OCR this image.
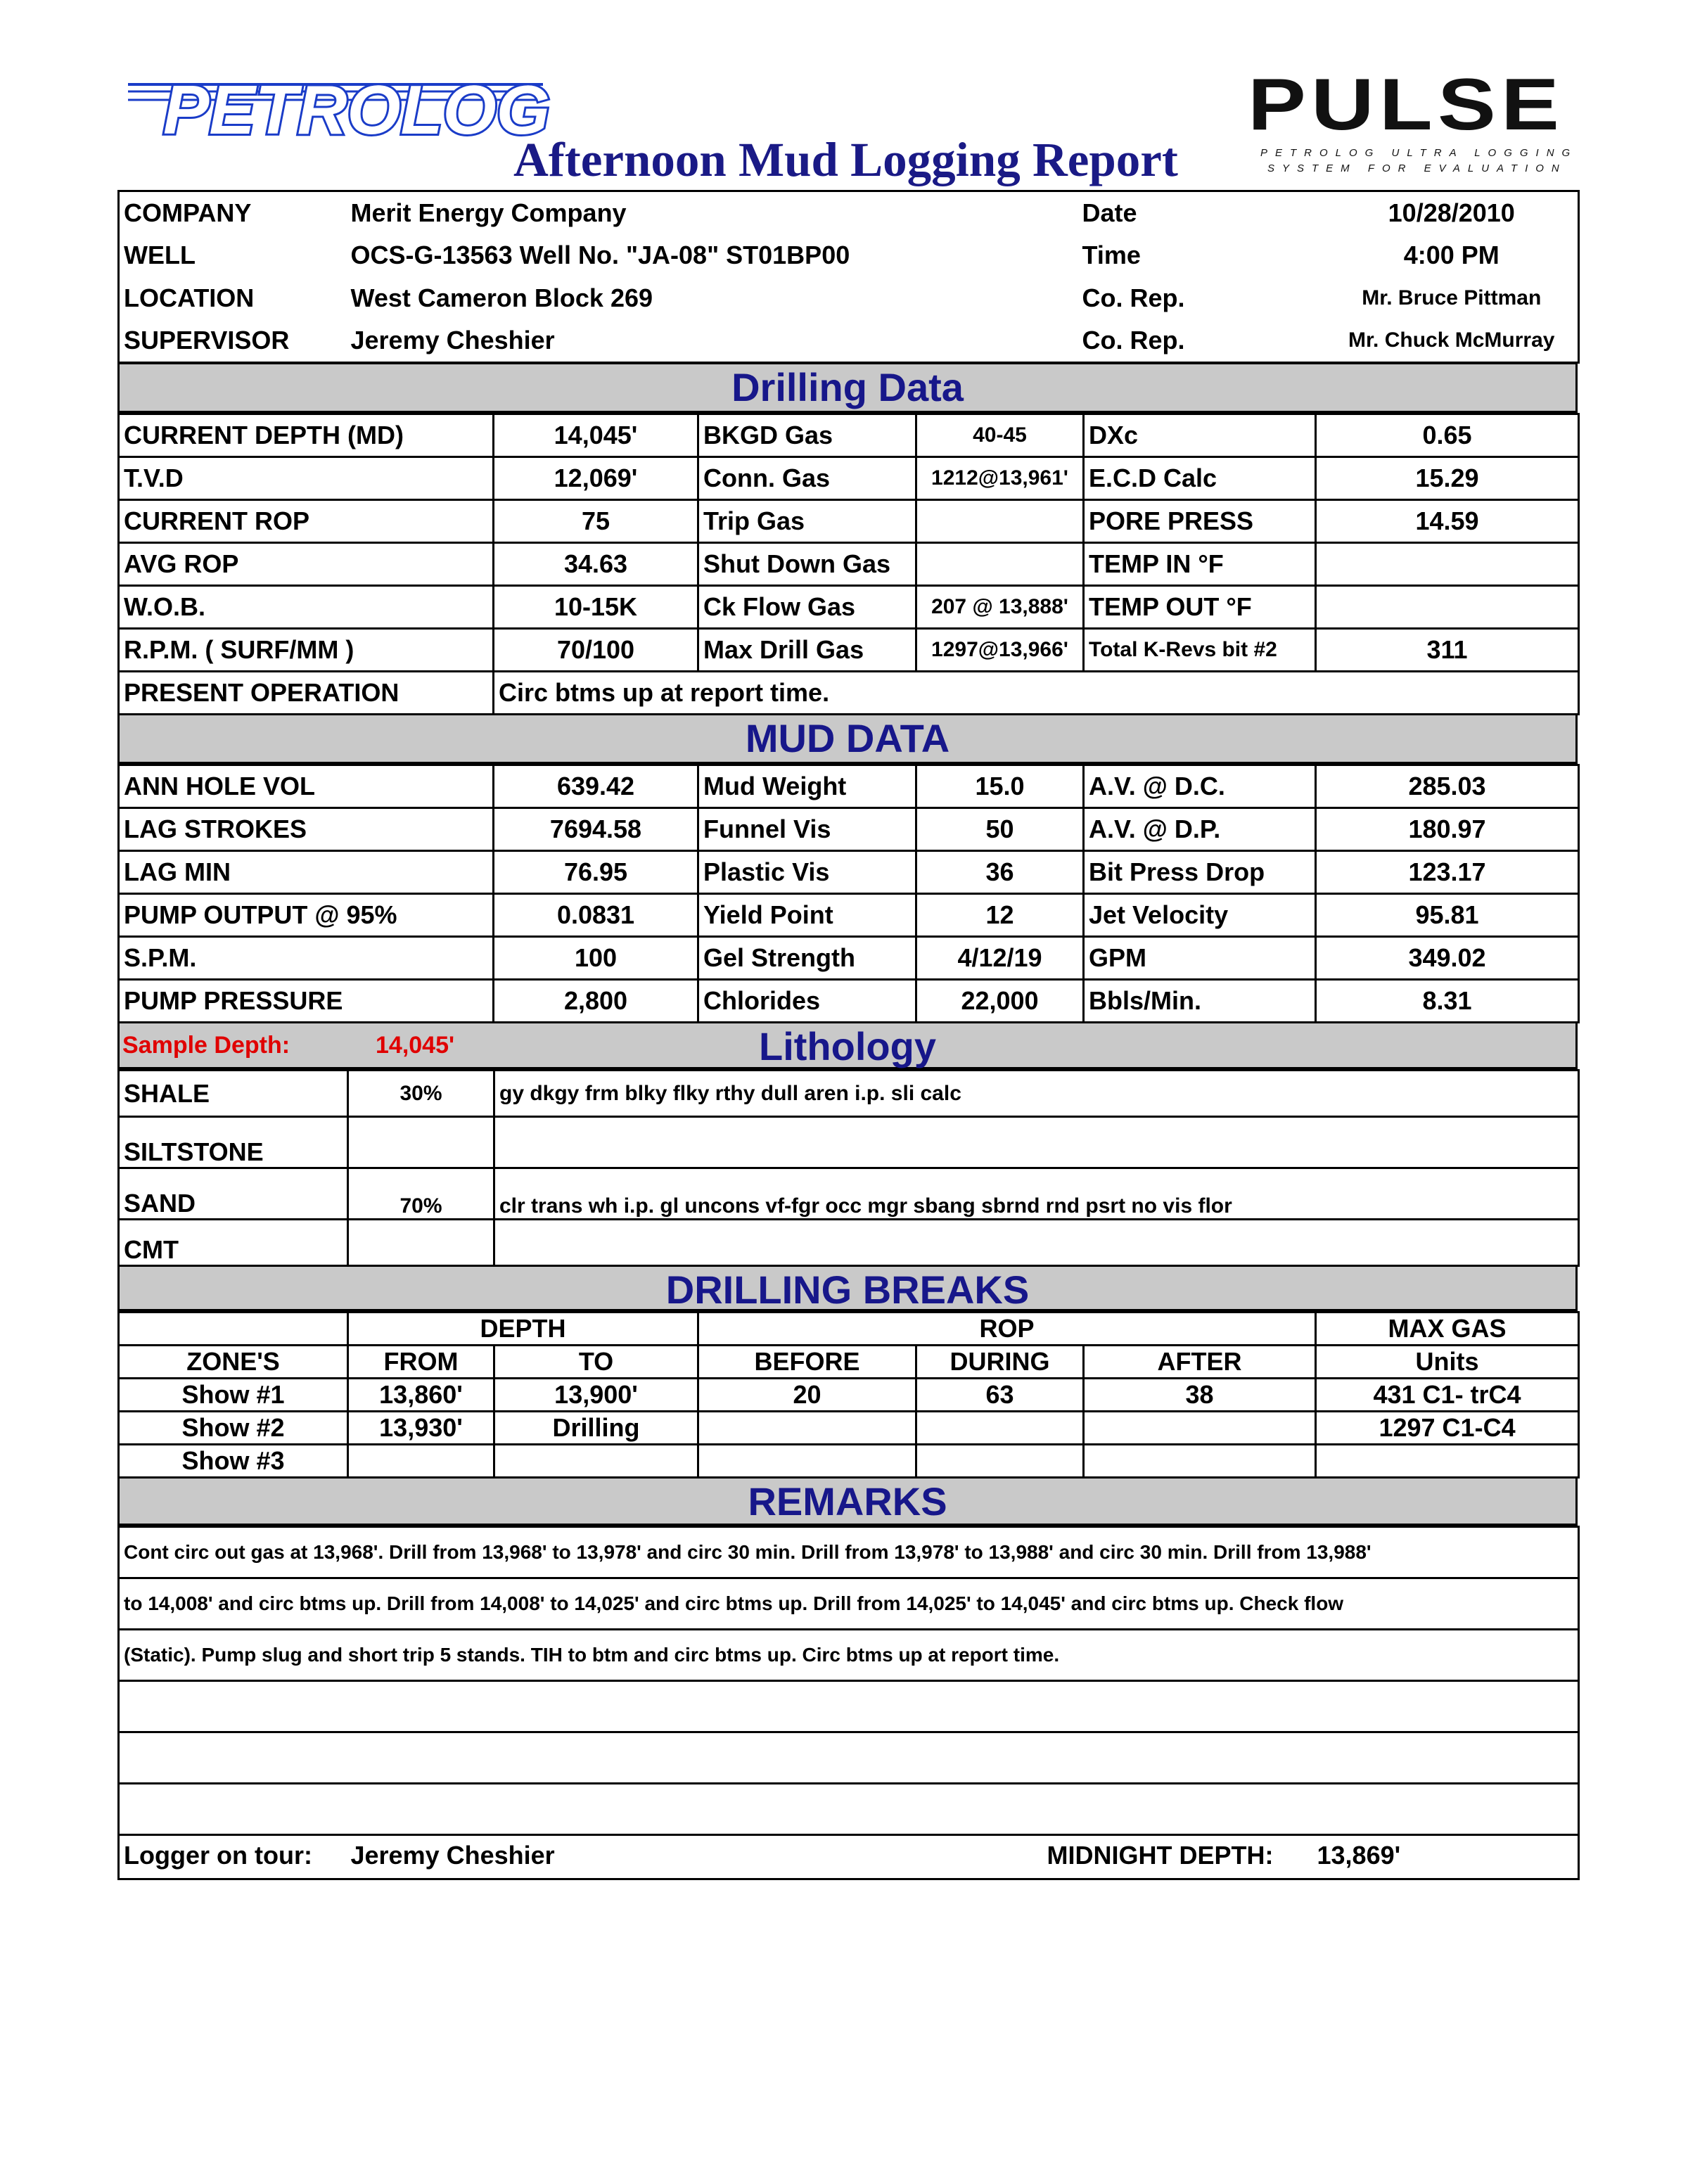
PETROLOG	PULSE
PETROLOG ULTRA LOGGING
SYSTEM FOR EVALUATION
Afternoon Mud Logging Report
COMPANY	Merit Energy Company	Date	10/28/2010
WELL	OCS-G-13563 Well No. "JA-08" ST01BP00	Time	4:00 PM
LOCATION	West Cameron Block 269	Co. Rep.	Mr. Bruce Pittman
SUPERVISOR	Jeremy Cheshier	Co. Rep.	Mr. Chuck McMurray
Drilling Data
CURRENT DEPTH (MD)	14,045'	BKGD Gas	40-45	DXc	0.65
T.V.D	12,069'	Conn. Gas	1212@13,961'	E.C.D Calc	15.29
CURRENT ROP	75	Trip Gas		PORE PRESS	14.59
AVG ROP	34.63	Shut Down Gas		TEMP IN °F	
W.O.B.	10-15K	Ck Flow Gas	207 @ 13,888'	TEMP OUT °F	
R.P.M. ( SURF/MM )	70/100	Max Drill Gas	1297@13,966'	Total K-Revs bit #2	311
PRESENT OPERATION	Circ btms up at report time.				
MUD DATA
ANN HOLE VOL	639.42	Mud Weight	15.0	A.V. @ D.C.	285.03
LAG STROKES	7694.58	Funnel Vis	50	A.V. @ D.P.	180.97
LAG MIN	76.95	Plastic Vis	36	Bit Press Drop	123.17
PUMP OUTPUT @ 95%	0.0831	Yield Point	12	Jet Velocity	95.81
S.P.M.	100	Gel Strength	4/12/19	GPM	349.02
PUMP PRESSURE	2,800	Chlorides	22,000	Bbls/Min.	8.31
Lithology
Sample Depth:	14,045'
SHALE	30%	gy dkgy frm blky flky rthy dull aren i.p. sli calc
SILTSTONE		
SAND	70%	clr trans wh i.p. gl uncons vf-fgr occ mgr sbang sbrnd rnd psrt no vis flor
CMT		
DRILLING BREAKS
	DEPTH		ROP			MAX GAS
ZONE'S	FROM	TO	BEFORE	DURING	AFTER	Units
Show #1	13,860'	13,900'	20	63	38	431 C1- trC4
Show #2	13,930'	Drilling				1297 C1-C4
Show #3						
REMARKS
Cont circ out gas at 13,968'. Drill from 13,968' to 13,978' and circ 30 min. Drill from 13,978' to 13,988' and circ 30 min. Drill from 13,988'
to 14,008' and circ btms up. Drill from 14,008' to 14,025' and circ btms up. Drill from 14,025' to 14,045' and circ btms up. Check flow
(Static). Pump slug and short trip 5 stands. TIH to btm and circ btms up. Circ btms up at report time.

Logger on tour:	Jeremy Cheshier	MIDNIGHT DEPTH:	13,869'
